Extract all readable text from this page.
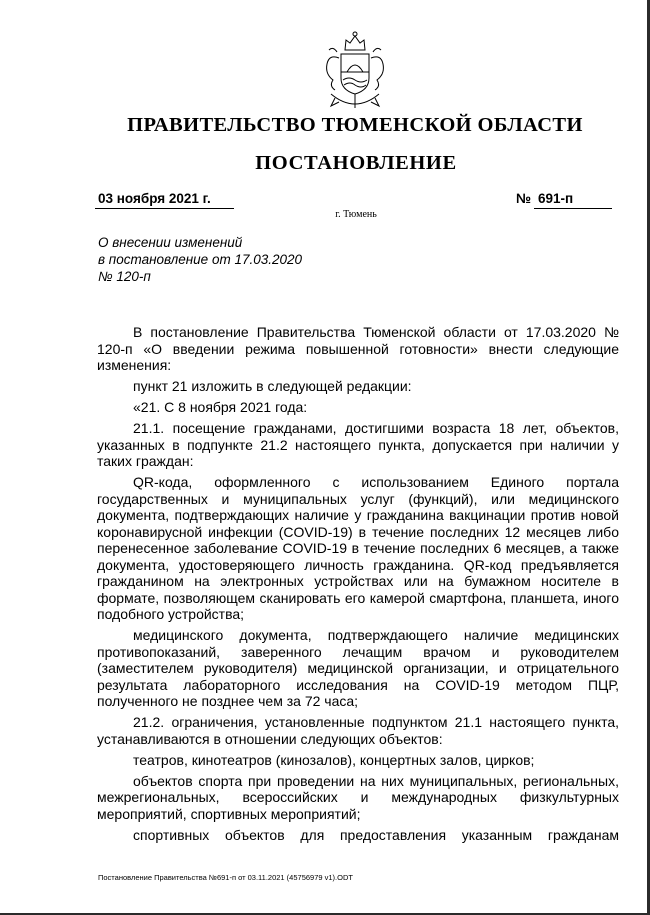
ПРАВИТЕЛЬСТВО ТЮМЕНСКОЙ ОБЛАСТИ
ПОСТАНОВЛЕНИЕ
03 ноября 2021 г.	№ 691-п
г. Тюмень
О внесении изменений
в постановление от 17.03.2020
№ 120-п

В постановление Правительства Тюменской области от 17.03.2020 № 120-п «О введении режима повышенной готовности» внести следующие изменения:

пункт 21 изложить в следующей редакции:

«21. С 8 ноября 2021 года:

21.1. посещение гражданами, достигшими возраста 18 лет, объектов, указанных в подпункте 21.2 настоящего пункта, допускается при наличии у таких граждан:

QR-кода, оформленного с использованием Единого портала государственных и муниципальных услуг (функций), или медицинского документа, подтверждающих наличие у гражданина вакцинации против новой коронавирусной инфекции (COVID-19) в течение последних 12 месяцев либо перенесенное заболевание COVID-19 в течение последних 6 месяцев, а также документа, удостоверяющего личность гражданина. QR-код предъявляется гражданином на электронных устройствах или на бумажном носителе в формате, позволяющем сканировать его камерой смартфона, планшета, иного подобного устройства;

медицинского документа, подтверждающего наличие медицинских противопоказаний, заверенного лечащим врачом и руководителем (заместителем руководителя) медицинской организации, и отрицательного результата лабораторного исследования на COVID-19 методом ПЦР, полученного не позднее чем за 72 часа;

21.2. ограничения, установленные подпунктом 21.1 настоящего пункта, устанавливаются в отношении следующих объектов:

театров, кинотеатров (кинозалов), концертных залов, цирков;

объектов спорта при проведении на них муниципальных, региональных, межрегиональных, всероссийских и международных физкультурных мероприятий, спортивных мероприятий;

спортивных объектов для предоставления указанным гражданам

Постановление Правительства №691-п от 03.11.2021 (45756979 v1).ODT
